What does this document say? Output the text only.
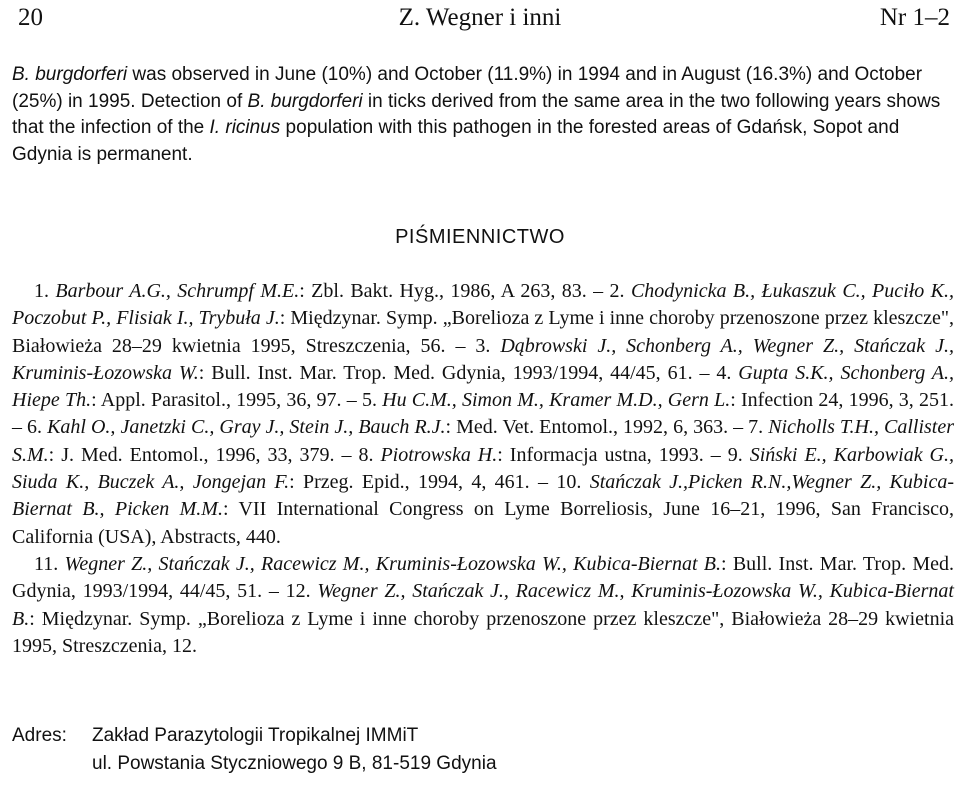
20	Z. Wegner i inni	Nr 1–2

B. burgdorferi was observed in June (10%) and October (11.9%) in 1994 and in August (16.3%) and October (25%) in 1995. Detection of B. burgdorferi in ticks derived from the same area in the two following years shows that the infection of the I. ricinus population with this pathogen in the forested areas of Gdańsk, Sopot and Gdynia is permanent.

PIŚMIENNICTWO

1. Barbour A.G., Schrumpf M.E.: Zbl. Bakt. Hyg., 1986, A 263, 83. – 2. Chodynicka B., Łukaszuk C., Puciło K., Poczobut P., Flisiak I., Trybuła J.: Międzynar. Symp. „Borelioza z Lyme i inne choroby przenoszone przez kleszcze", Białowieża 28–29 kwietnia 1995, Streszczenia, 56. – 3. Dąbrowski J., Schonberg A., Wegner Z., Stańczak J., Kruminis-Łozowska W.: Bull. Inst. Mar. Trop. Med. Gdynia, 1993/1994, 44/45, 61. – 4. Gupta S.K., Schonberg A., Hiepe Th.: Appl. Parasitol., 1995, 36, 97. – 5. Hu C.M., Simon M., Kramer M.D., Gern L.: Infection 24, 1996, 3, 251. – 6. Kahl O., Janetzki C., Gray J., Stein J., Bauch R.J.: Med. Vet. Entomol., 1992, 6, 363. – 7. Nicholls T.H., Callister S.M.: J. Med. Entomol., 1996, 33, 379. – 8. Piotrowska H.: Informacja ustna, 1993. – 9. Siński E., Karbowiak G., Siuda K., Buczek A., Jongejan F.: Przeg. Epid., 1994, 4, 461. – 10. Stańczak J.,Picken R.N.,Wegner Z., Kubica-Biernat B., Picken M.M.: VII International Congress on Lyme Borreliosis, June 16–21, 1996, San Francisco, California (USA), Abstracts, 440.

11. Wegner Z., Stańczak J., Racewicz M., Kruminis-Łozowska W., Kubica-Biernat B.: Bull. Inst. Mar. Trop. Med. Gdynia, 1993/1994, 44/45, 51. – 12. Wegner Z., Stańczak J., Racewicz M., Kruminis-Łozowska W., Kubica-Biernat B.: Międzynar. Symp. „Borelioza z Lyme i inne choroby przenoszone przez kleszcze", Białowieża 28–29 kwietnia 1995, Streszczenia, 12.

Adres:	Zakład Parazytologii Tropikalnej IMMiT
ul. Powstania Styczniowego 9 B, 81-519 Gdynia
